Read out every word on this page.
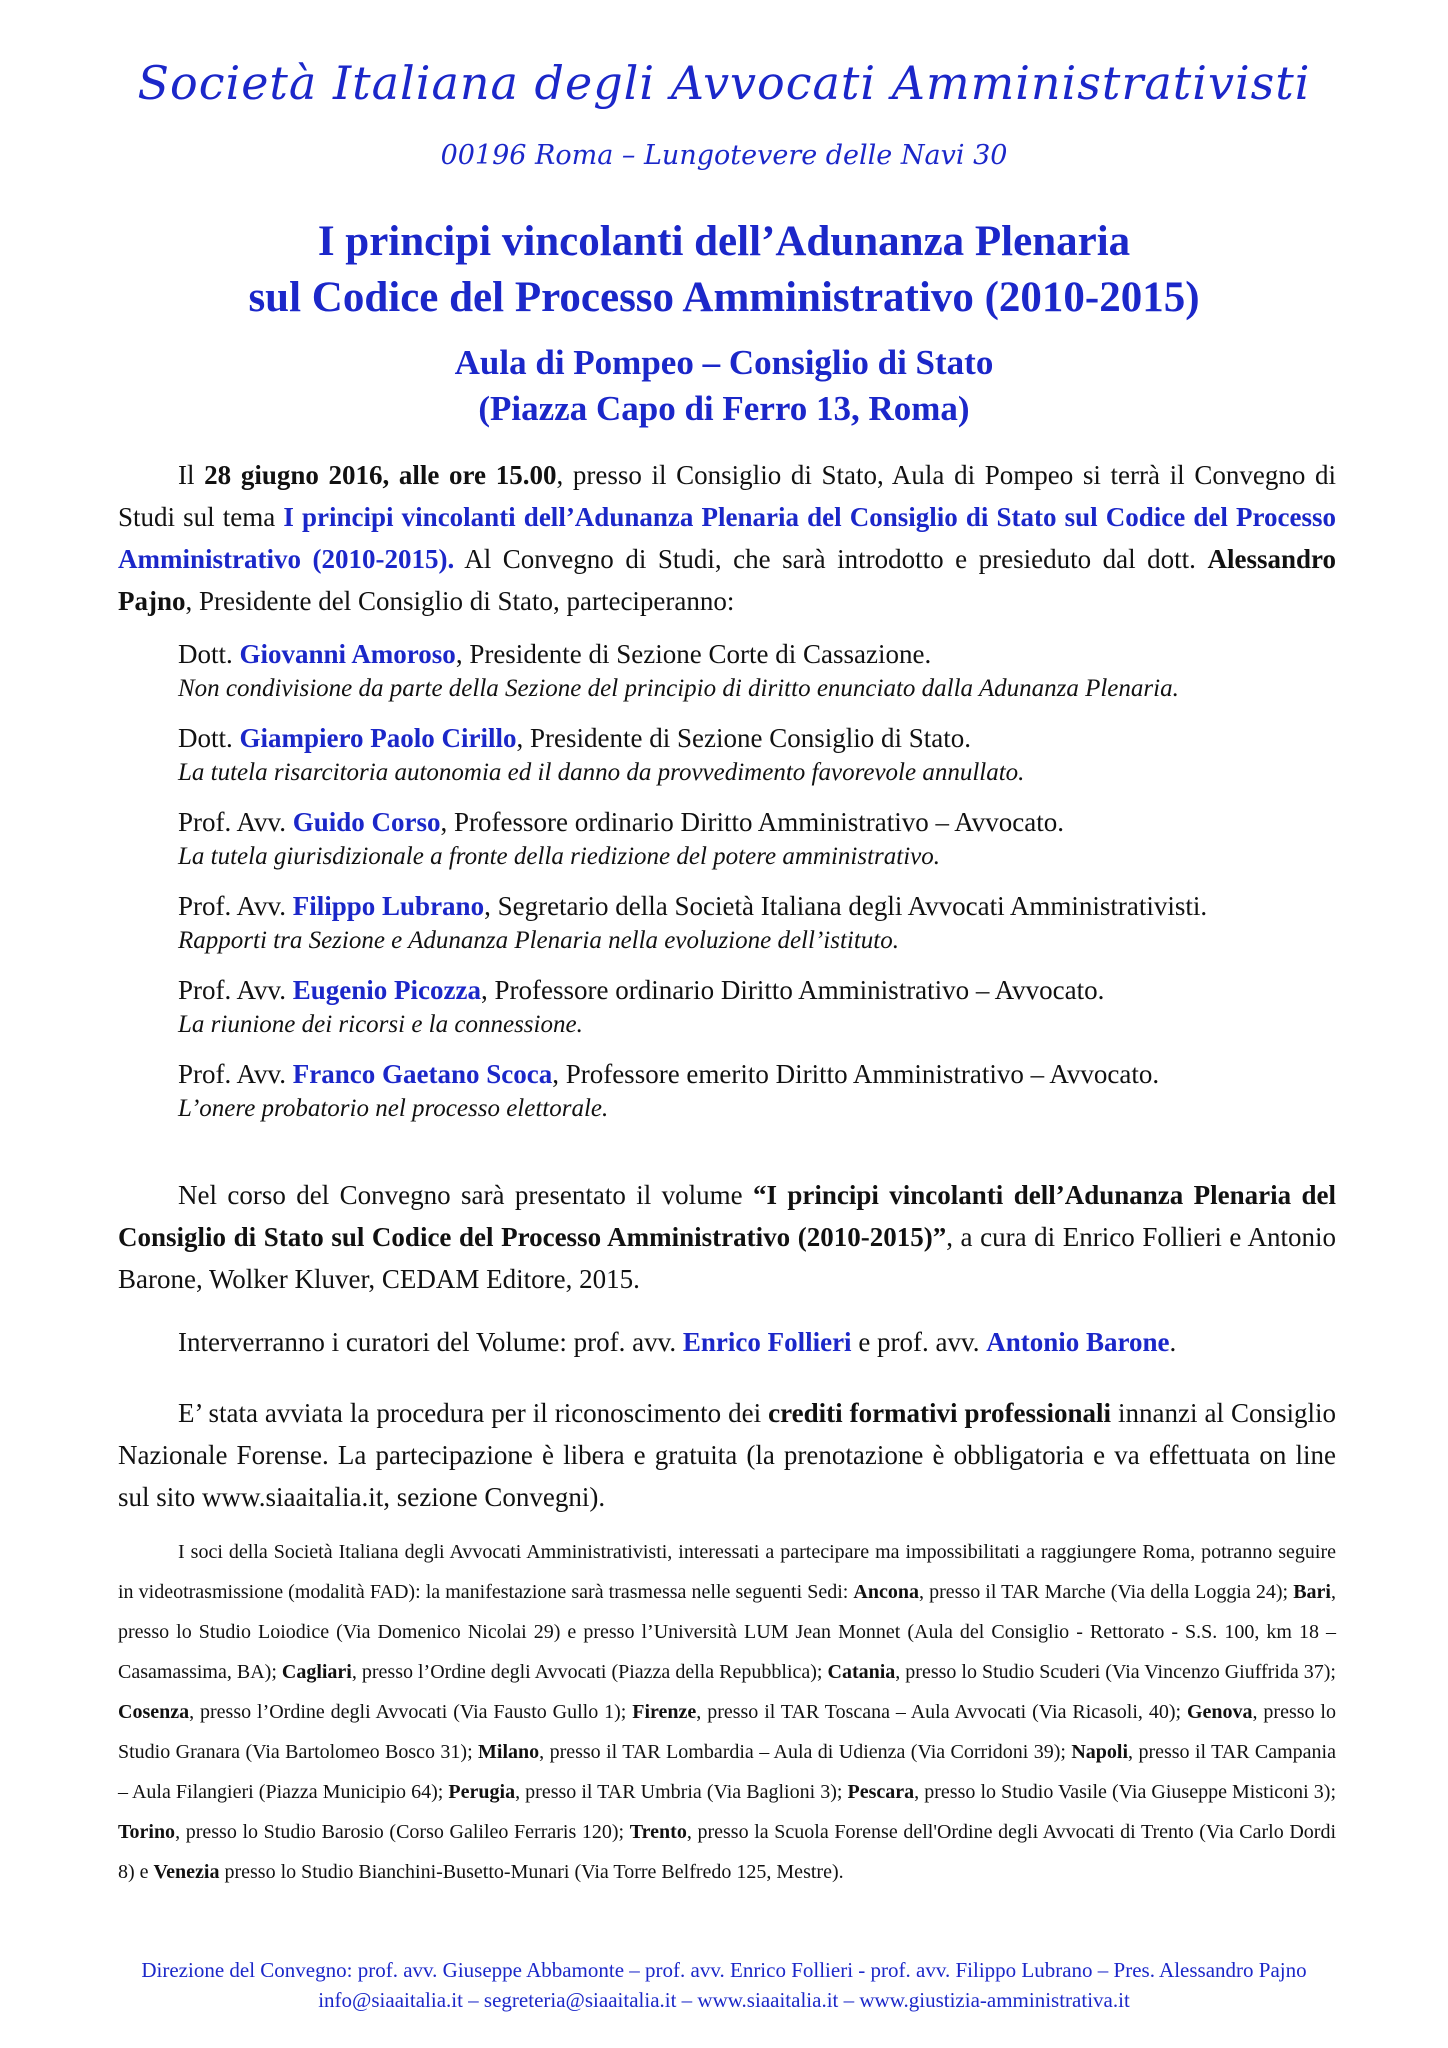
Società Italiana degli Avvocati Amministrativisti
00196 Roma – Lungotevere delle Navi 30
I principi vincolanti dell’Adunanza Plenaria
sul Codice del Processo Amministrativo (2010-2015)
Aula di Pompeo – Consiglio di Stato
(Piazza Capo di Ferro 13, Roma)
Il 28 giugno 2016, alle ore 15.00, presso il Consiglio di Stato, Aula di Pompeo si terrà il Convegno di Studi sul tema I principi vincolanti dell’Adunanza Plenaria del Consiglio di Stato sul Codice del Processo Amministrativo (2010-2015). Al Convegno di Studi, che sarà introdotto e presieduto dal dott. Alessandro Pajno, Presidente del Consiglio di Stato, parteciperanno:
Dott. Giovanni Amoroso, Presidente di Sezione Corte di Cassazione.
Non condivisione da parte della Sezione del principio di diritto enunciato dalla Adunanza Plenaria.
Dott. Giampiero Paolo Cirillo, Presidente di Sezione Consiglio di Stato.
La tutela risarcitoria autonomia ed il danno da provvedimento favorevole annullato.
Prof. Avv. Guido Corso, Professore ordinario Diritto Amministrativo – Avvocato.
La tutela giurisdizionale a fronte della riedizione del potere amministrativo.
Prof. Avv. Filippo Lubrano, Segretario della Società Italiana degli Avvocati Amministrativisti.
Rapporti tra Sezione e Adunanza Plenaria nella evoluzione dell’istituto.
Prof. Avv. Eugenio Picozza, Professore ordinario Diritto Amministrativo – Avvocato.
La riunione dei ricorsi e la connessione.
Prof. Avv. Franco Gaetano Scoca, Professore emerito Diritto Amministrativo – Avvocato.
L’onere probatorio nel processo elettorale.
Nel corso del Convegno sarà presentato il volume “I principi vincolanti dell’Adunanza Plenaria del Consiglio di Stato sul Codice del Processo Amministrativo (2010-2015)”, a cura di Enrico Follieri e Antonio Barone, Wolker Kluver, CEDAM Editore, 2015.
Interverranno i curatori del Volume: prof. avv. Enrico Follieri e prof. avv. Antonio Barone.
E’ stata avviata la procedura per il riconoscimento dei crediti formativi professionali innanzi al Consiglio Nazionale Forense. La partecipazione è libera e gratuita (la prenotazione è obbligatoria e va effettuata on line sul sito www.siaaitalia.it, sezione Convegni).
I soci della Società Italiana degli Avvocati Amministrativisti, interessati a partecipare ma impossibilitati a raggiungere Roma, potranno seguire in videotrasmissione (modalità FAD): la manifestazione sarà trasmessa nelle seguenti Sedi: Ancona, presso il TAR Marche (Via della Loggia 24); Bari, presso lo Studio Loiodice (Via Domenico Nicolai 29) e presso l’Università LUM Jean Monnet (Aula del Consiglio - Rettorato - S.S. 100, km 18 – Casamassima, BA); Cagliari, presso l’Ordine degli Avvocati (Piazza della Repubblica); Catania, presso lo Studio Scuderi (Via Vincenzo Giuffrida 37); Cosenza, presso l’Ordine degli Avvocati (Via Fausto Gullo 1); Firenze, presso il TAR Toscana – Aula Avvocati (Via Ricasoli, 40); Genova, presso lo Studio Granara (Via Bartolomeo Bosco 31); Milano, presso il TAR Lombardia – Aula di Udienza (Via Corridoni 39); Napoli, presso il TAR Campania – Aula Filangieri (Piazza Municipio 64); Perugia, presso il TAR Umbria (Via Baglioni 3); Pescara, presso lo Studio Vasile (Via Giuseppe Misticoni 3); Torino, presso lo Studio Barosio (Corso Galileo Ferraris 120); Trento, presso la Scuola Forense dell'Ordine degli Avvocati di Trento (Via Carlo Dordi 8) e Venezia presso lo Studio Bianchini-Busetto-Munari (Via Torre Belfredo 125, Mestre).
Direzione del Convegno: prof. avv. Giuseppe Abbamonte – prof. avv. Enrico Follieri - prof. avv. Filippo Lubrano – Pres. Alessandro Pajno
info@siaaitalia.it – segreteria@siaaitalia.it – www.siaaitalia.it – www.giustizia-amministrativa.it
